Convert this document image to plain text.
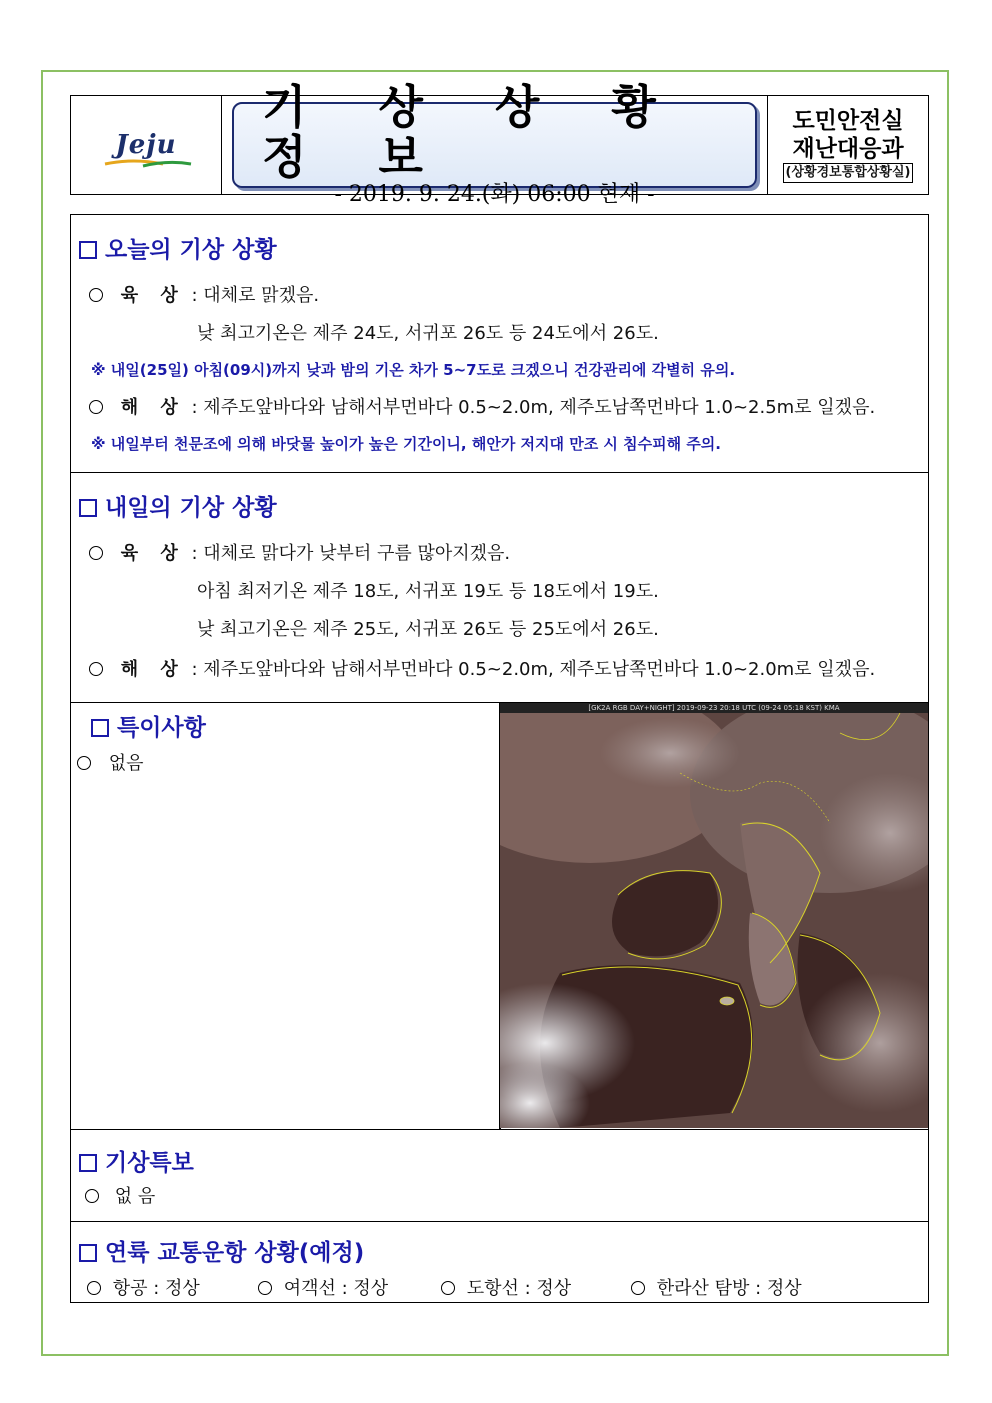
Jeju
기 상 상 황 정 보
- 2019. 9. 24.(화) 06:00 현재 -
도민안전실
재난대응과
(상황경보통합상황실)
오늘의 기상 상황
육 상 : 대체로 맑겠음.
낮 최고기온은 제주 24도, 서귀포 26도 등 24도에서 26도.
※ 내일(25일) 아침(09시)까지 낮과 밤의 기온 차가 5~7도로 크겠으니 건강관리에 각별히 유의.
해 상 : 제주도앞바다와 남해서부먼바다 0.5~2.0m, 제주도남쪽먼바다 1.0~2.5m로 일겠음.
※ 내일부터 천문조에 의해 바닷물 높이가 높은 기간이니, 해안가 저지대 만조 시 침수피해 주의.
내일의 기상 상황
육 상 : 대체로 맑다가 낮부터 구름 많아지겠음.
아침 최저기온 제주 18도, 서귀포 19도 등 18도에서 19도.
낮 최고기온은 제주 25도, 서귀포 26도 등 25도에서 26도.
해 상 : 제주도앞바다와 남해서부먼바다 0.5~2.0m, 제주도남쪽먼바다 1.0~2.0m로 일겠음.
특이사항
없음
[GK2A RGB DAY+NIGHT] 2019-09-23 20:18 UTC (09-24 05:18 KST) KMA
기상특보
없 음
연륙 교통운항 상황(예정)
항공 : 정상	여객선 : 정상	도항선 : 정상	한라산 탐방 : 정상
